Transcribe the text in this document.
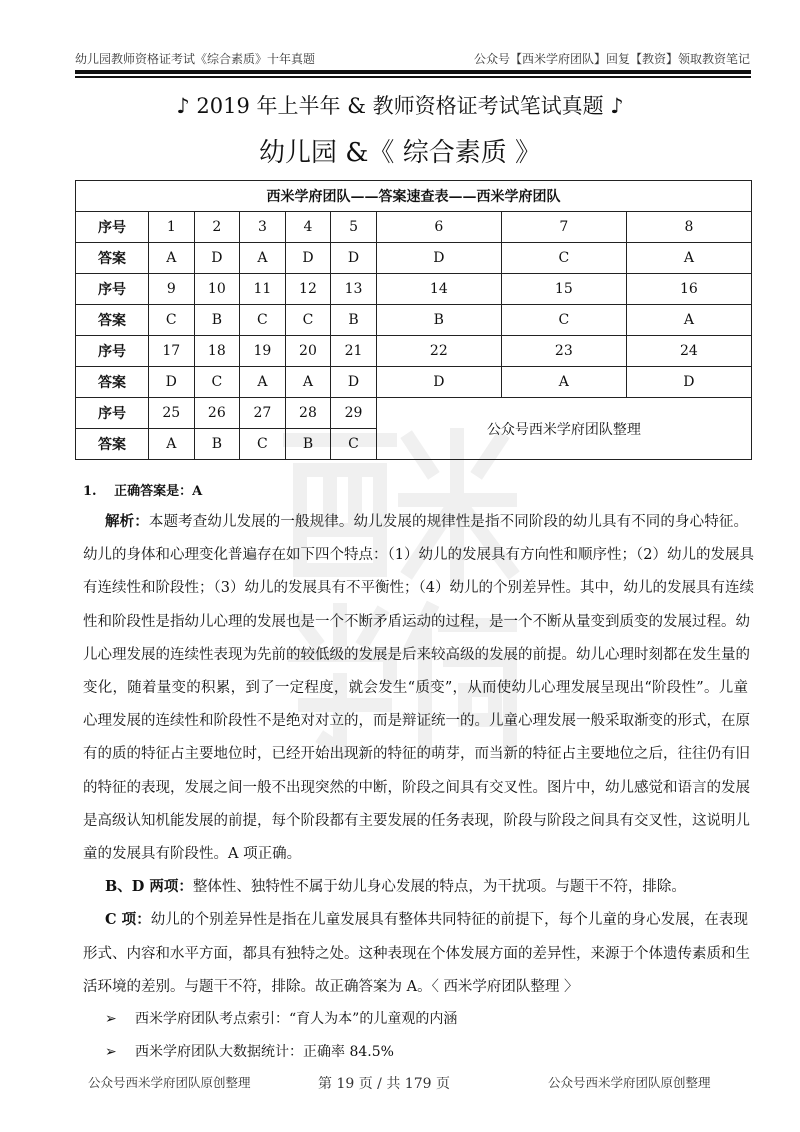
幼儿园教师资格证考试《综合素质》十年真题	公众号【西米学府团队】回复【教资】领取教资笔记
♪ 2019 年上半年 & 教师资格证考试笔试真题 ♪
幼儿园 &《 综合素质 》
西米学府团队——答案速查表——西米学府团队								
序号	1	2	3	4	5	6	7	8
答案	A	D	A	D	D	D	C	A
序号	9	10	11	12	13	14	15	16
答案	C	B	C	C	B	B	C	A
序号	17	18	19	20	21	22	23	24
答案	D	C	A	A	D	D	A	D
序号	25	26	27	28	29	公众号西米学府团队整理		
答案	A	B	C	B	C			
1.　 正确答案是：A
解析：本题考查幼儿发展的一般规律。幼儿发展的规律性是指不同阶段的幼儿具有不同的身心特征。
幼儿的身体和心理变化普遍存在如下四个特点：（1）幼儿的发展具有方向性和顺序性；（2）幼儿的发展具
有连续性和阶段性；（3）幼儿的发展具有不平衡性；（4）幼儿的个别差异性。其中，幼儿的发展具有连续
性和阶段性是指幼儿心理的发展也是一个不断矛盾运动的过程，是一个不断从量变到质变的发展过程。幼
儿心理发展的连续性表现为先前的较低级的发展是后来较高级的发展的前提。幼儿心理时刻都在发生量的
变化，随着量变的积累，到了一定程度，就会发生“质变”，从而使幼儿心理发展呈现出“阶段性”。儿童
心理发展的连续性和阶段性不是绝对对立的，而是辩证统一的。儿童心理发展一般采取渐变的形式，在原
有的质的特征占主要地位时，已经开始出现新的特征的萌芽，而当新的特征占主要地位之后，往往仍有旧
的特征的表现，发展之间一般不出现突然的中断，阶段之间具有交叉性。图片中，幼儿感觉和语言的发展
是高级认知机能发展的前提，每个阶段都有主要发展的任务表现，阶段与阶段之间具有交叉性，这说明儿
童的发展具有阶段性。A 项正确。
B、D 两项：整体性、独特性不属于幼儿身心发展的特点，为干扰项。与题干不符，排除。
C 项：幼儿的个别差异性是指在儿童发展具有整体共同特征的前提下，每个儿童的身心发展，在表现
形式、内容和水平方面，都具有独特之处。这种表现在个体发展方面的差异性，来源于个体遗传素质和生
活环境的差别。与题干不符，排除。故正确答案为 A。〈 西米学府团队整理 〉
➢ 西米学府团队考点索引：“育人为本”的儿童观的内涵
➢ 西米学府团队大数据统计：正确率 84.5%
公众号西米学府团队原创整理	第 19 页 / 共 179 页	公众号西米学府团队原创整理
